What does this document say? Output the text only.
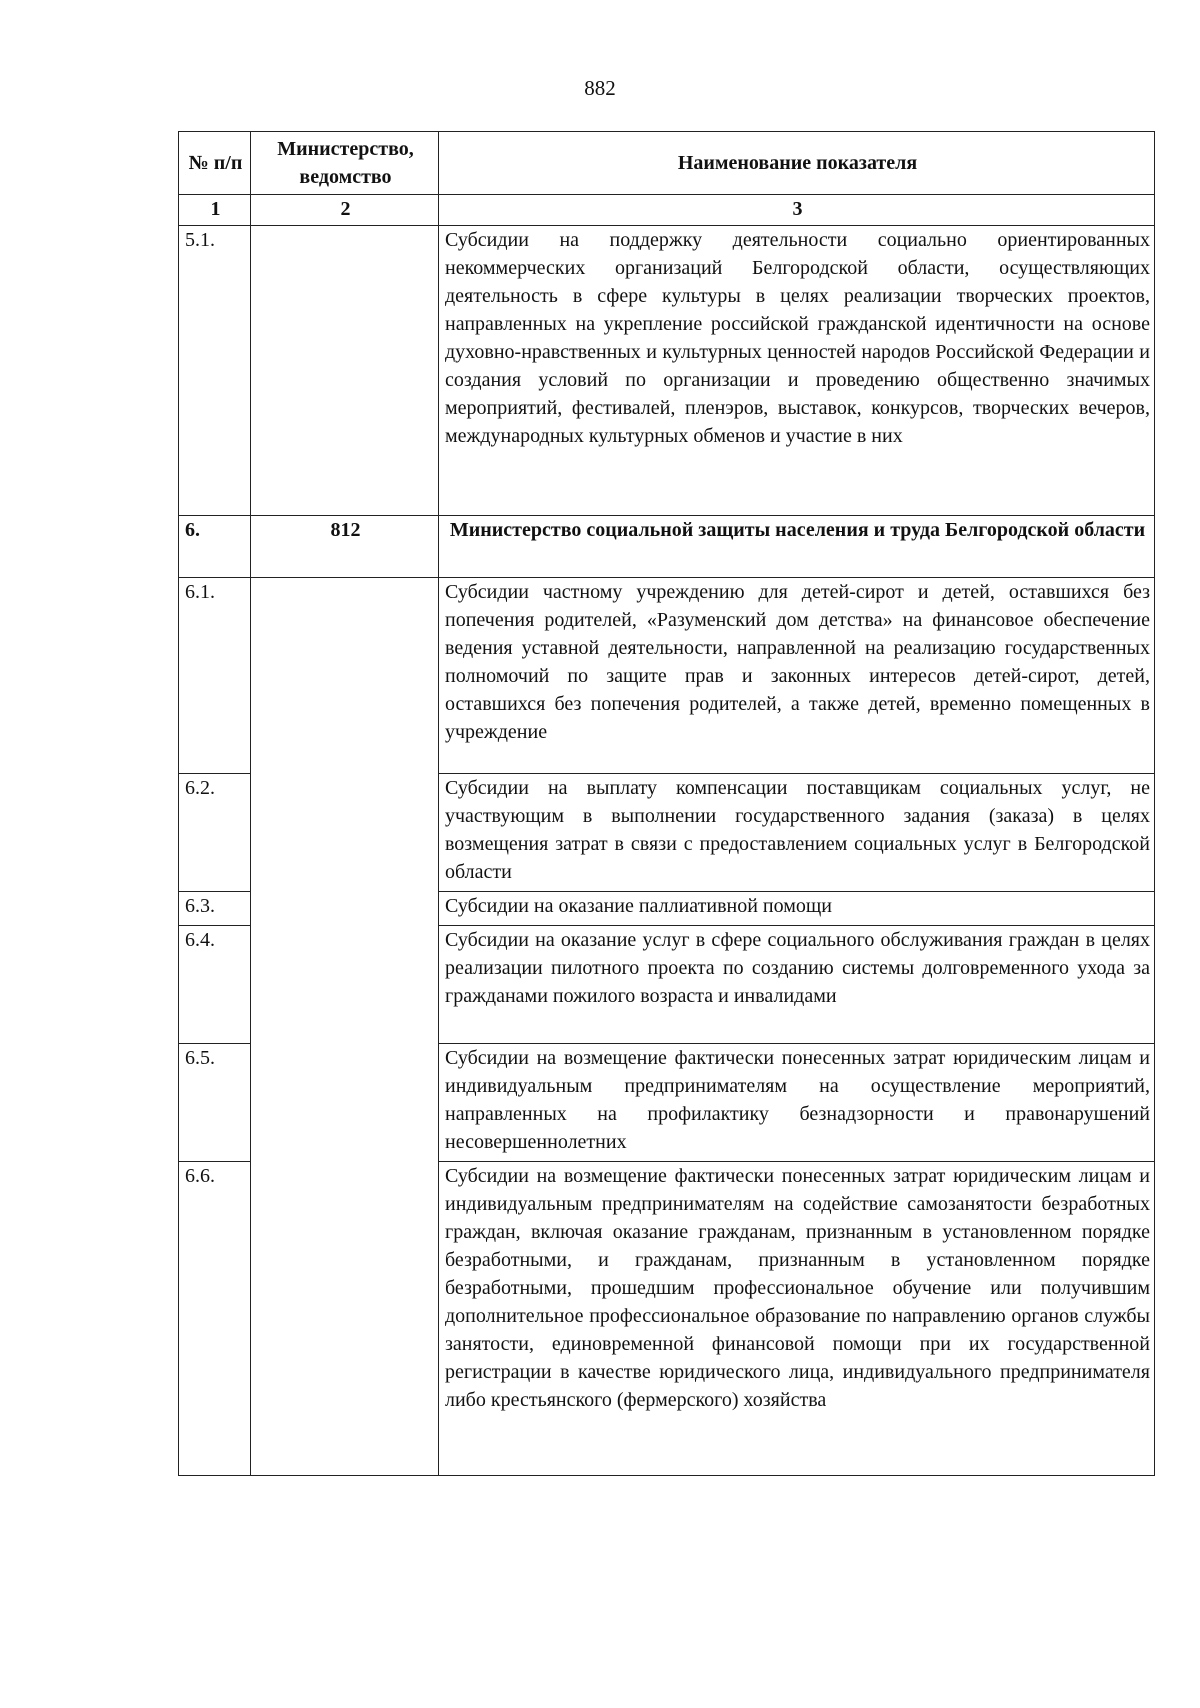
882
№ п/п	Министерство, ведомство	Наименование показателя
1	2	3
5.1.		Субсидии на поддержку деятельности социально ориентированных некоммерческих организаций Белгородской области, осуществляющих деятельность в сфере культуры в целях реализации творческих проектов, направленных на укрепление российской гражданской идентичности на основе духовно-нравственных и культурных ценностей народов Российской Федерации и создания условий по организации и проведению общественно значимых мероприятий, фестивалей, пленэров, выставок, конкурсов, творческих вечеров, международных культурных обменов и участие в них
6.	812	Министерство социальной защиты населения и труда Белгородской области
6.1.		Субсидии частному учреждению для детей-сирот и детей, оставшихся без попечения родителей, «Разуменский дом детства» на финансовое обеспечение ведения уставной деятельности, направленной на реализацию государственных полномочий по защите прав и законных интересов детей-сирот, детей, оставшихся без попечения родителей, а также детей, временно помещенных в учреждение
6.2.		Субсидии на выплату компенсации поставщикам социальных услуг, не участвующим в выполнении государственного задания (заказа) в целях возмещения затрат в связи с предоставлением социальных услуг в Белгородской области
6.3.		Субсидии на оказание паллиативной помощи
6.4.		Субсидии на оказание услуг в сфере социального обслуживания граждан в целях реализации пилотного проекта по созданию системы долговременного ухода за гражданами пожилого возраста и инвалидами
6.5.		Субсидии на возмещение фактически понесенных затрат юридическим лицам и индивидуальным предпринимателям на осуществление мероприятий, направленных на профилактику безнадзорности и правонарушений несовершеннолетних
6.6.		Субсидии на возмещение фактически понесенных затрат юридическим лицам и индивидуальным предпринимателям на содействие самозанятости безработных граждан, включая оказание гражданам, признанным в установленном порядке безработными, и гражданам, признанным в установленном порядке безработными, прошедшим профессиональное обучение или получившим дополнительное профессиональное образование по направлению органов службы занятости, единовременной финансовой помощи при их государственной регистрации в качестве юридического лица, индивидуального предпринимателя либо крестьянского (фермерского) хозяйства
